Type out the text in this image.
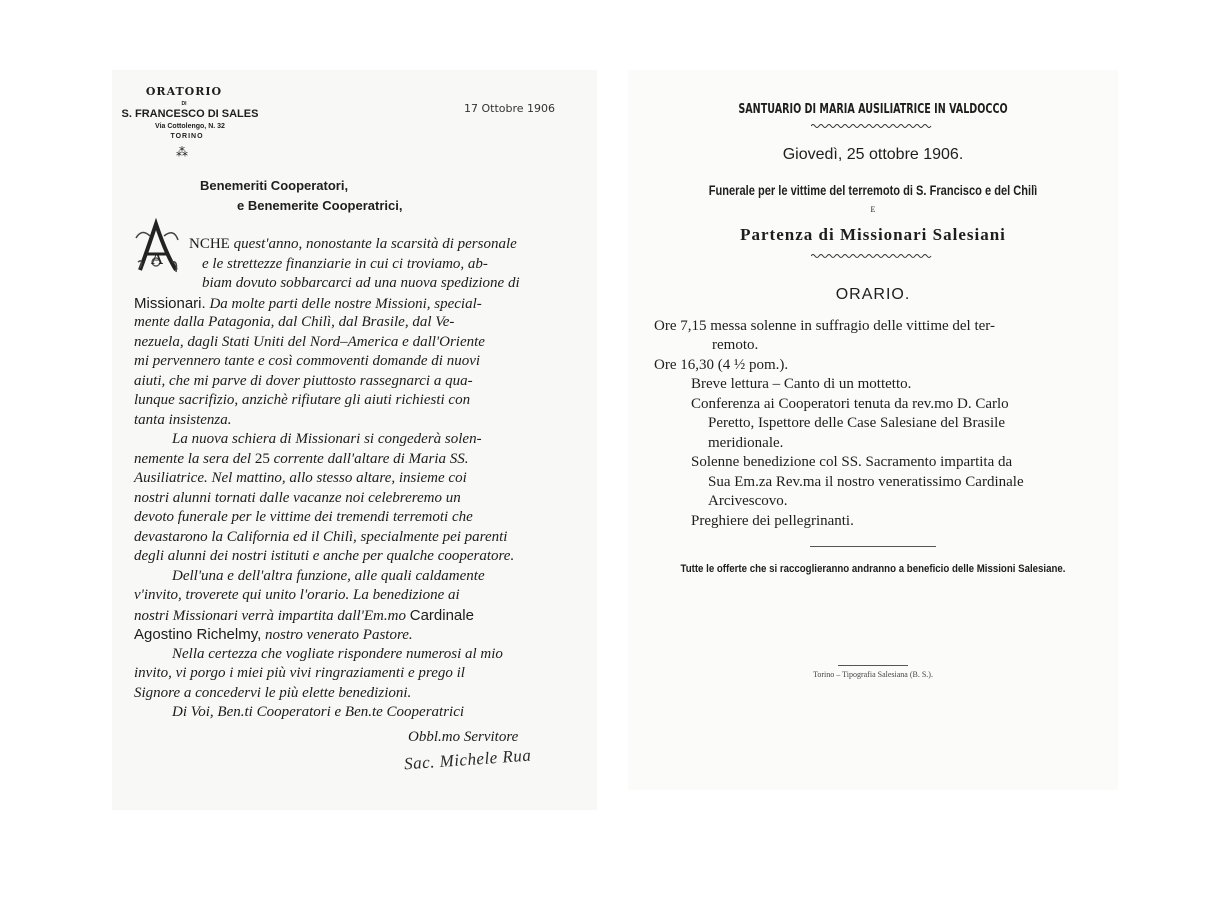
ORATORIO
DI
S. FRANCESCO DI SALES
Via Cottolengo, N. 32
TORINO
⁂
17 Ottobre 1906
Benemeriti Cooperatori,
e Benemerite Cooperatrici,
A
NCHE quest'anno, nonostante la scarsità di personale
e le strettezze finanziarie in cui ci troviamo, ab-
biam dovuto sobbarcarci ad una nuova spedizione di
Missionari. Da molte parti delle nostre Missioni, special-
mente dalla Patagonia, dal Chilì, dal Brasile, dal Ve-
nezuela, dagli Stati Uniti del Nord–America e dall'Oriente
mi pervennero tante e così commoventi domande di nuovi
aiuti, che mi parve di dover piuttosto rassegnarci a qua-
lunque sacrifizio, anzichè rifiutare gli aiuti richiesti con
tanta insistenza.
La nuova schiera di Missionari si congederà solen-
nemente la sera del 25 corrente dall'altare di Maria SS.
Ausiliatrice. Nel mattino, allo stesso altare, insieme coi
nostri alunni tornati dalle vacanze noi celebreremo un
devoto funerale per le vittime dei tremendi terremoti che
devastarono la California ed il Chilì, specialmente pei parenti
degli alunni dei nostri istituti e anche per qualche cooperatore.
Dell'una e dell'altra funzione, alle quali caldamente
v'invito, troverete qui unito l'orario. La benedizione ai
nostri Missionari verrà impartita dall'Em.mo Cardinale
Agostino Richelmy, nostro venerato Pastore.
Nella certezza che vogliate rispondere numerosi al mio
invito, vi porgo i miei più vivi ringraziamenti e prego il
Signore a concedervi le più elette benedizioni.
Di Voi, Ben.ti Cooperatori e Ben.te Cooperatrici
Obbl.mo Servitore
Sac. Michele Rua
SANTUARIO DI MARIA AUSILIATRICE IN VALDOCCO
Giovedì, 25 ottobre 1906.
Funerale per le vittime del terremoto di S. Francisco e del Chilì
E
Partenza di Missionari Salesiani
ORARIO.
Ore 7,15 messa solenne in suffragio delle vittime del ter-
remoto.
Ore 16,30 (4 ½ pom.).
Breve lettura – Canto di un mottetto.
Conferenza ai Cooperatori tenuta da rev.mo D. Carlo
Peretto, Ispettore delle Case Salesiane del Brasile
meridionale.
Solenne benedizione col SS. Sacramento impartita da
Sua Em.za Rev.ma il nostro veneratissimo Cardinale
Arcivescovo.
Preghiere dei pellegrinanti.
Tutte le offerte che si raccoglieranno andranno a beneficio delle Missioni Salesiane.
Torino – Tipografia Salesiana (B. S.).
